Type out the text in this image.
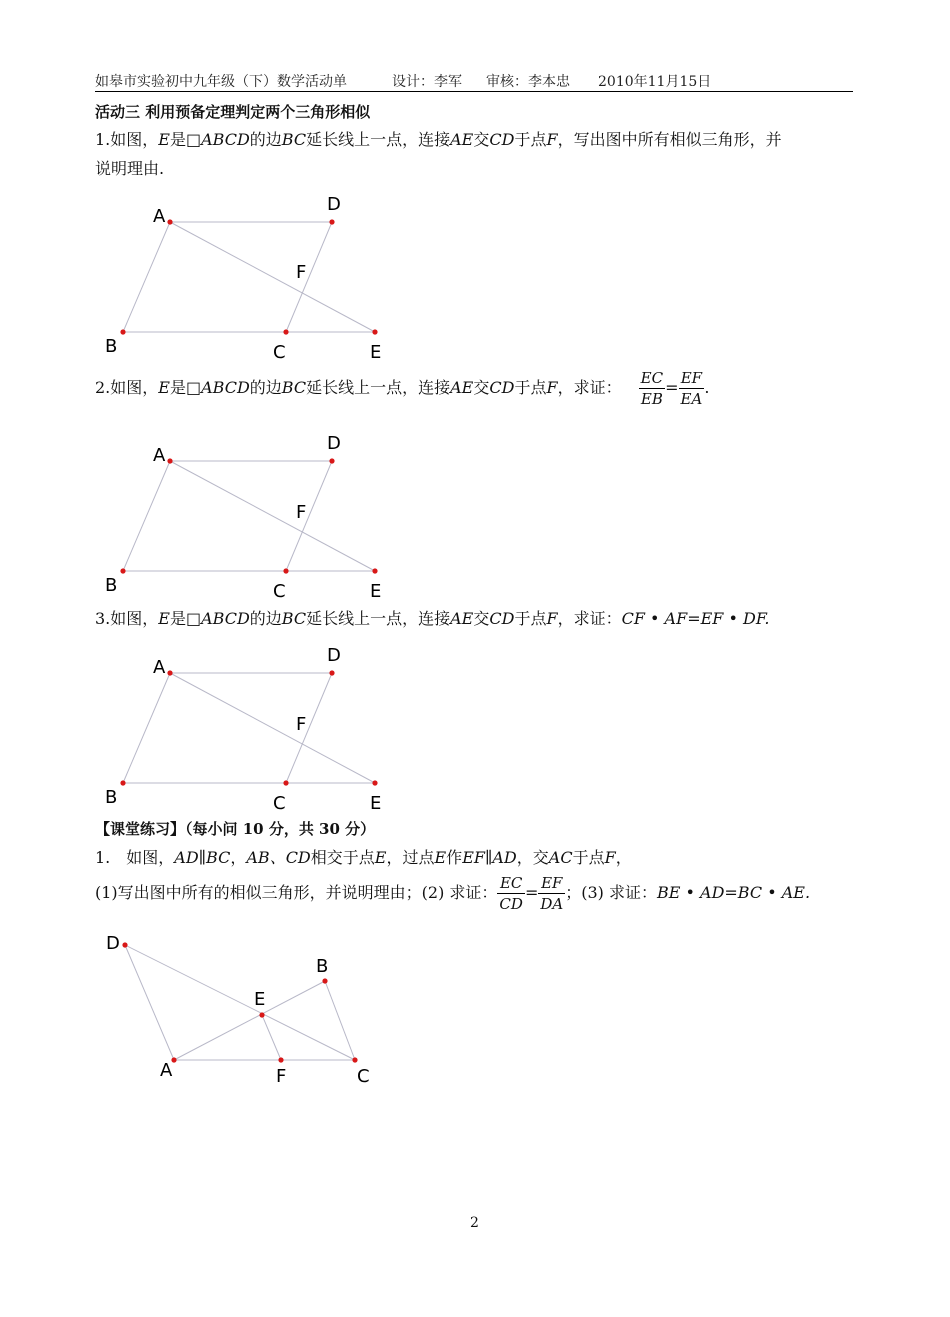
如皋市实验初中九年级（下）数学活动单	设计：李军 审核：李本忠 2010年11月15日
活动三 利用预备定理判定两个三角形相似
1.如图，E是□ABCD的边BC延长线上一点，连接AE交CD于点F，写出图中所有相似三角形，并
说明理由.
A
D
F
B	C	E
2.如图，E是□ABCD的边BC延长线上一点，连接AE交CD于点F，求证： $\frac{EC}{EB} = \frac{EF}{EA}$ .
A
D
F
B	C	E
3.如图，E是□ABCD的边BC延长线上一点，连接AE交CD于点F，求证：CF • AF=EF • DF.
A
D
F
B	C	E
【课堂练习】（每小问 10 分，共 30 分）
1. 如图，AD∥BC，AB、CD相交于点E，过点E作EF∥AD，交AC于点F，
(1)写出图中所有的相似三角形，并说明理由；(2) 求证： $\frac{EC}{CD} = \frac{EF}{DA}$ ；(3) 求证：BE • AD=BC • AE.
D
B
E
A	F	C
2
